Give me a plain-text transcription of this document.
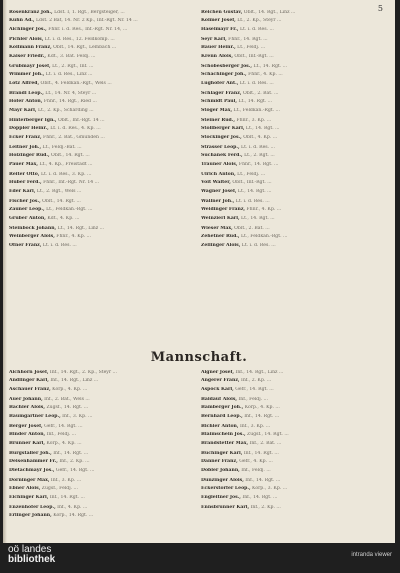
5
Rosenkranz Joh., Ldst. I, 1. Rgt., Bergsteiger, ...
Kuhn Ad., Ldst. 2 Bat, 14. Nr. 2 Kp., Inf.-Rgt. Nr. 14 ...
Aichinger Jos., Fhnr. i. d. Res., Inf.-Rgt. Nr. 14, ...
Pichler Alois, Lt. i. d. Res., 12. Feldkomp. ...
Kollmann Franz, Oblt., 14. Rgt., Lembach ...
Kaiser Friedr., Kdt., 3. Bat. Feldj. ...
Grubmayr Josef, Lt., 2. Rgt., Inf. ...
Wimmer Joh., Lt. i. d. Res., Linz ...
Lotz Alfred, Oblt., 4. Feldkan.-Rgt., Wels ...
Brandl Leop., Lt., 14. Nr. 4, Steyr ...
Hofer Anton, Fhnr., 14. Rgt., Ried ...
Mayr Karl, Lt., 2. Kp., Schärding ...
Hinterberger Ign., Oblt., Inf.-Rgt. 14 ...
Doppler Heinr., Lt. i. d. Res., 4. Kp. ...
Ecker Franz, Fhnr., 2. Bat., Gmunden ...
Leitner Joh., Lt., Feldj.-Bat. ...
Holzinger Rud., Oblt., 14. Rgt. ...
Pauer Max, Lt., 4. Kp., Freistadt ...
Reiter Otto, Lt. i. d. Res., 3. Kp. ...
Huber Ferd., Fhnr., Inf.-Rgt. Nr. 14 ...
Eder Karl, Lt., 2. Rgt., Wels ...
Fischer Jos., Oblt., 14. Rgt. ...
Zauner Leop., Lt., Feldkan.-Rgt. ...
Gruber Anton, Kdt., 4. Kp. ...
Steinbock Johann, Lt., 14. Rgt., Linz ...
Weinberger Alois, Fhnr., 4. Kp. ...
Ofner Franz, Lt. i. d. Res. ...
Reichen Gustav, Oblt., 14. Rgt., Linz ...
Kolmer Josef, Lt., 2. Kp., Steyr ...
Haselmayr Fr., Lt. i. d. Res. ...
Seyr Karl, Fhnr., 14. Rgt. ...
Bauer Heinr., Lt., Feldj. ...
Krenn Alois, Oblt., Inf.-Rgt. ...
Schobesberger Jos., Lt., 14. Rgt. ...
Schachinger Joh., Fhnr., 4. Kp. ...
Lughofer Ant., Lt. i. d. Res. ...
Schlager Franz, Oblt., 2. Bat. ...
Schmidt Paul, Lt., 14. Rgt. ...
Stöger Max, Lt., Feldkan.-Rgt. ...
Steiner Rud., Fhnr., 3. Kp. ...
Stollberger Karl, Lt., 14. Rgt. ...
Stockinger Jos., Oblt., 4. Kp. ...
Strasser Leop., Lt. i. d. Res. ...
Suchanek Ferd., Lt., 2. Rgt. ...
Trauner Alois, Fhnr., 14. Rgt. ...
Ulrich Anton, Lt., Feldj. ...
Voit Walter, Oblt., Inf.-Rgt. ...
Wagner Josef, Lt., 14. Rgt. ...
Wallner Joh., Lt. i. d. Res. ...
Weidinger Franz, Fhnr., 4. Kp. ...
Weinzierl Karl, Lt., 14. Rgt. ...
Wieser Max, Oblt., 2. Bat. ...
Zehetner Rud., Lt., Feldkan.-Rgt. ...
Zellinger Alois, Lt. i. d. Res. ...
Mannschaft.
Aichhorn Josef, Inf., 14. Rgt., 2. Kp., Steyr ...
Andlinger Karl, Inf., 14. Rgt., Linz ...
Aschauer Franz, Korp., 4. Kp. ...
Auer Johann, Inf., 2. Bat., Wels ...
Bachler Alois, Zugsf., 14. Rgt. ...
Baumgartner Leop., Inf., 3. Kp. ...
Berger Josef, Gefr., 14. Rgt. ...
Binder Anton, Inf., Feldj. ...
Brunner Karl, Korp., 4. Kp. ...
Burgstaller Joh., Inf., 14. Rgt. ...
Deisenhammer Fr., Inf., 2. Kp. ...
Dietachmayr Jos., Gefr., 14. Rgt. ...
Dorninger Max, Inf., 3. Kp. ...
Ebner Alois, Zugsf., Feldj. ...
Eichinger Karl, Inf., 14. Rgt. ...
Enzenhofer Leop., Inf., 4. Kp. ...
Erlinger Johann, Korp., 14. Rgt. ...
Aigner Josef, Inf., 14. Rgt., Linz ...
Angerer Franz, Inf., 2. Kp. ...
Aspöck Karl, Gefr., 14. Rgt. ...
Baldauf Alois, Inf., Feldj. ...
Bamberger Joh., Korp., 4. Kp. ...
Bernhard Leop., Inf., 14. Rgt. ...
Bichler Anton, Inf., 3. Kp. ...
Blaimschein Jos., Zugsf., 14. Rgt. ...
Brandstetter Max, Inf., 2. Bat. ...
Buchinger Karl, Inf., 14. Rgt. ...
Danner Franz, Gefr., 4. Kp. ...
Dobler Johann, Inf., Feldj. ...
Dunzinger Alois, Inf., 14. Rgt. ...
Eckerstorfer Leop., Korp., 3. Kp. ...
Engleitner Jos., Inf., 14. Rgt. ...
Ennsbrunner Karl, Inf., 2. Kp. ...
oö landes
bibliothek	intranda viewer
